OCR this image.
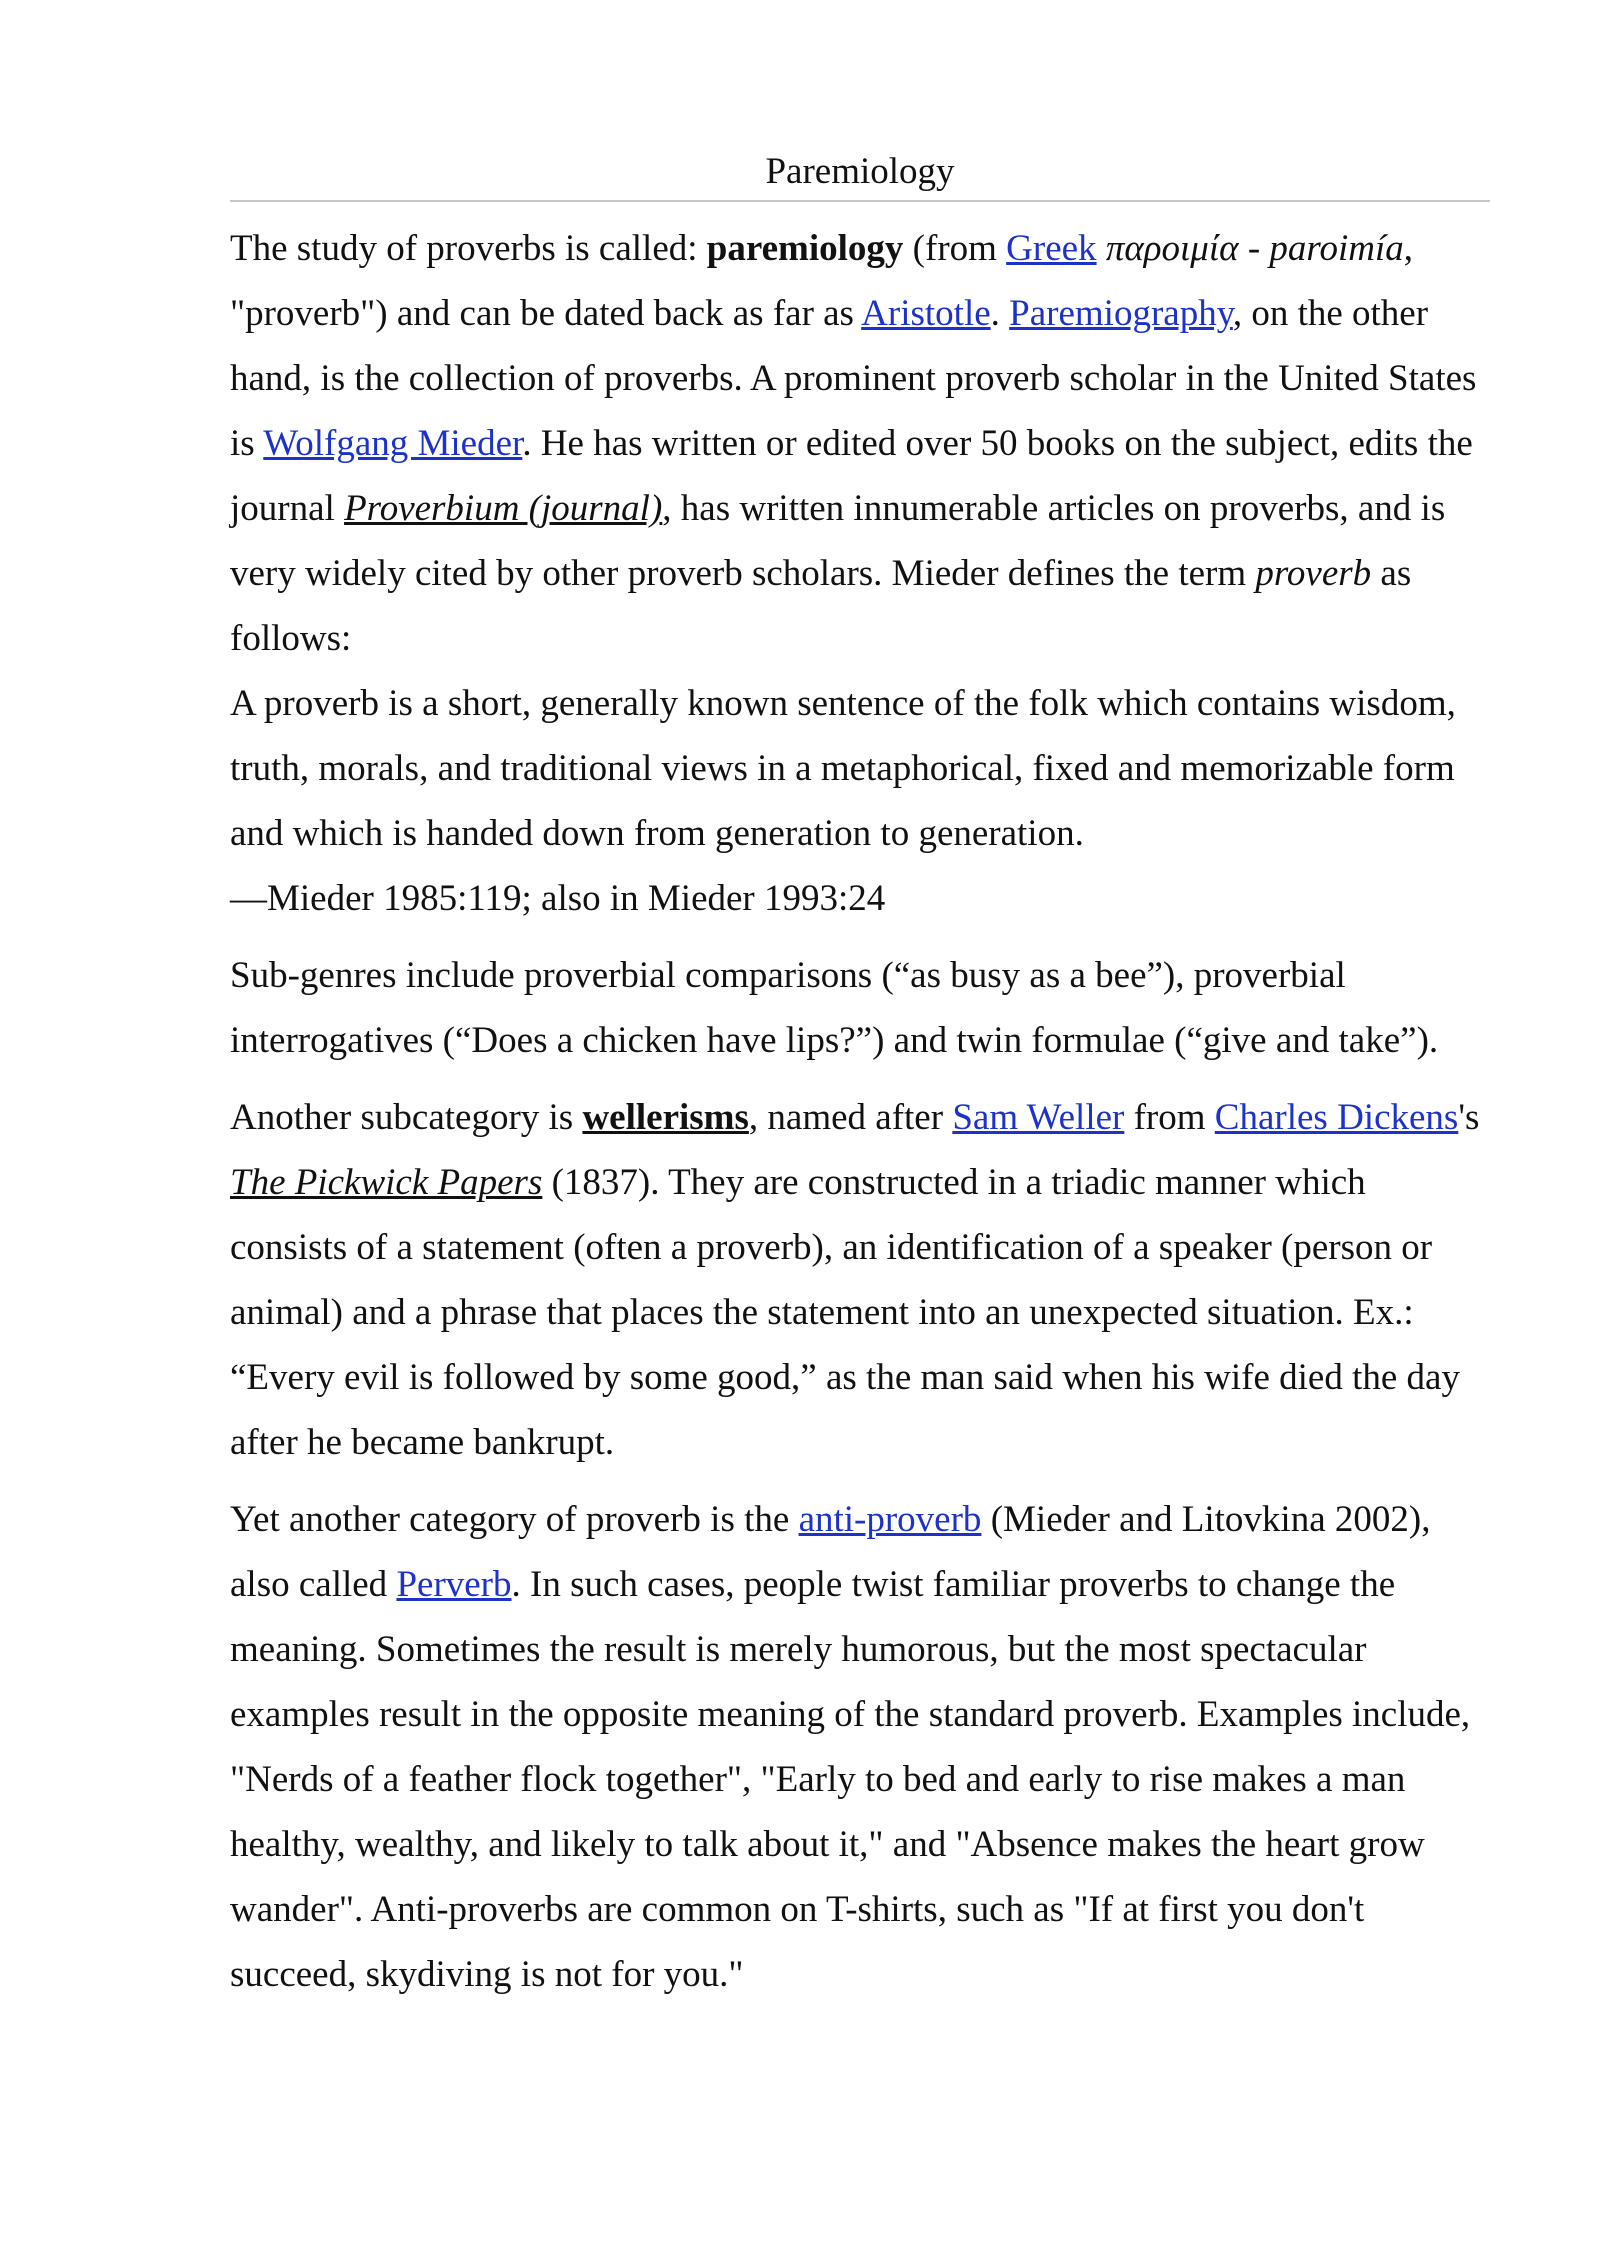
Paremiology

The study of proverbs is called: paremiology (from Greek παροιμία - paroimía, "proverb") and can be dated back as far as Aristotle. Paremiography, on the other hand, is the collection of proverbs. A prominent proverb scholar in the United States is Wolfgang Mieder. He has written or edited over 50 books on the subject, edits the journal Proverbium (journal), has written innumerable articles on proverbs, and is very widely cited by other proverb scholars. Mieder defines the term proverb as follows:

A proverb is a short, generally known sentence of the folk which contains wisdom, truth, morals, and traditional views in a metaphorical, fixed and memorizable form and which is handed down from generation to generation.

—Mieder 1985:119; also in Mieder 1993:24

Sub-genres include proverbial comparisons (“as busy as a bee”), proverbial interrogatives (“Does a chicken have lips?”) and twin formulae (“give and take”).

Another subcategory is wellerisms, named after Sam Weller from Charles Dickens's The Pickwick Papers (1837). They are constructed in a triadic manner which consists of a statement (often a proverb), an identification of a speaker (person or animal) and a phrase that places the statement into an unexpected situation. Ex.: “Every evil is followed by some good,” as the man said when his wife died the day after he became bankrupt.

Yet another category of proverb is the anti-proverb (Mieder and Litovkina 2002), also called Perverb. In such cases, people twist familiar proverbs to change the meaning. Sometimes the result is merely humorous, but the most spectacular examples result in the opposite meaning of the standard proverb. Examples include, "Nerds of a feather flock together", "Early to bed and early to rise makes a man healthy, wealthy, and likely to talk about it," and "Absence makes the heart grow wander". Anti-proverbs are common on T-shirts, such as "If at first you don't succeed, skydiving is not for you."
